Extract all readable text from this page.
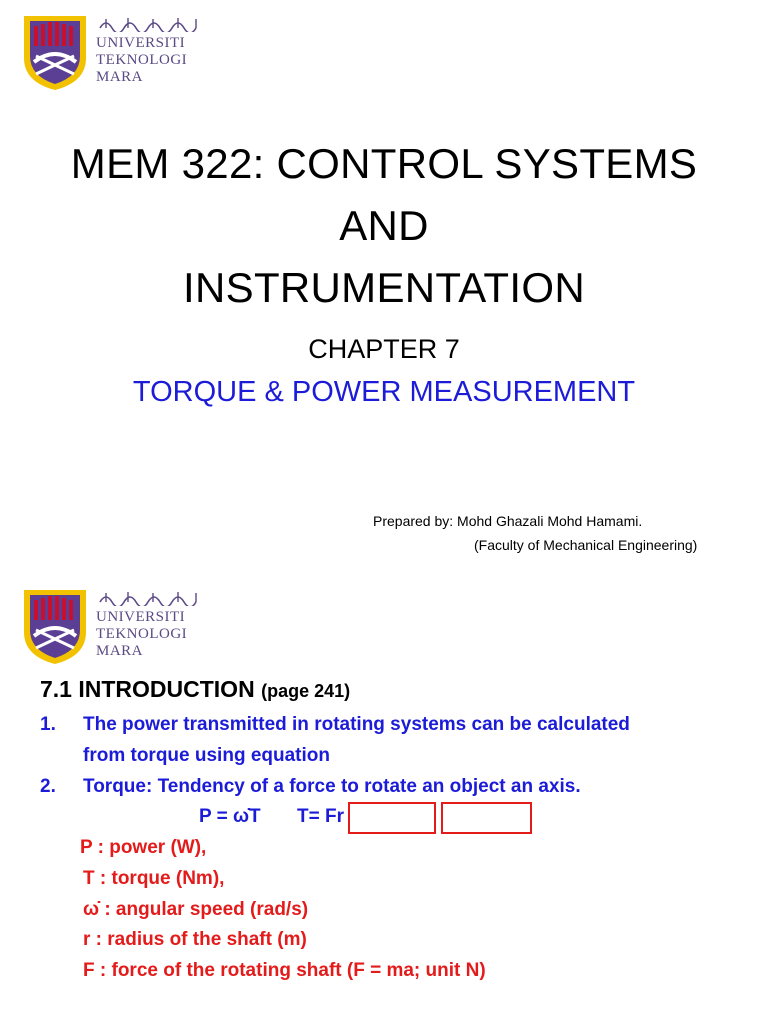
UNIVERSITI
TEKNOLOGI
MARA
MEM 322: CONTROL SYSTEMS
AND
INSTRUMENTATION
CHAPTER 7
TORQUE & POWER MEASUREMENT
Prepared by: Mohd Ghazali Mohd Hamami.
(Faculty of Mechanical Engineering)
UNIVERSITI
TEKNOLOGI
MARA
7.1 INTRODUCTION (page 241)
1. The power transmitted in rotating systems can be calculated
from torque using equation
2. Torque: Tendency of a force to rotate an object an axis.
P = ω̇T T= Fr
P : power (W),
T : torque (Nm),
ω̇ : angular speed (rad/s)
r : radius of the shaft (m)
F : force of the rotating shaft (F = ma; unit N)
